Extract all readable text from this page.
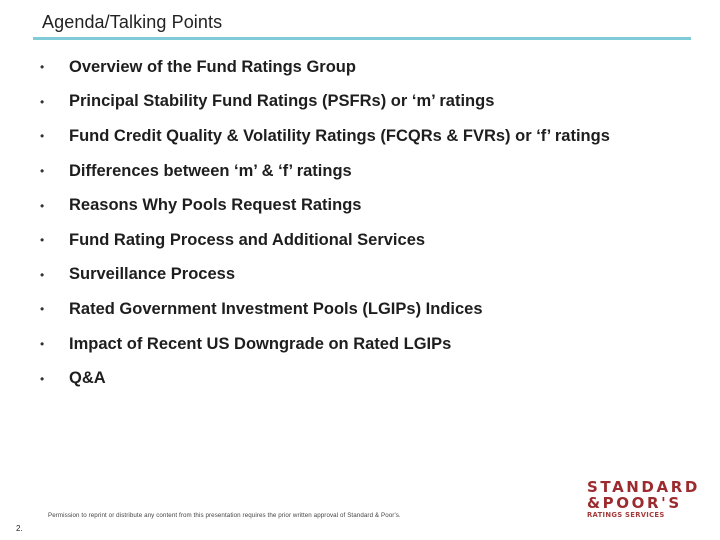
Agenda/Talking Points
•	Overview of the Fund Ratings Group
•	Principal Stability Fund Ratings (PSFRs) or ‘m’ ratings
•	Fund Credit Quality & Volatility Ratings (FCQRs & FVRs) or ‘f’ ratings
•	Differences between ‘m’ & ‘f’ ratings
•	Reasons Why Pools Request Ratings
•	Fund Rating Process and Additional Services
•	Surveillance Process
•	Rated Government Investment Pools (LGIPs) Indices
•	Impact of Recent US Downgrade on Rated LGIPs
•	Q&A
Permission to reprint or distribute any content from this presentation requires the prior written approval of Standard & Poor's.
2.
STANDARD
&POOR'S
RATINGS SERVICES
